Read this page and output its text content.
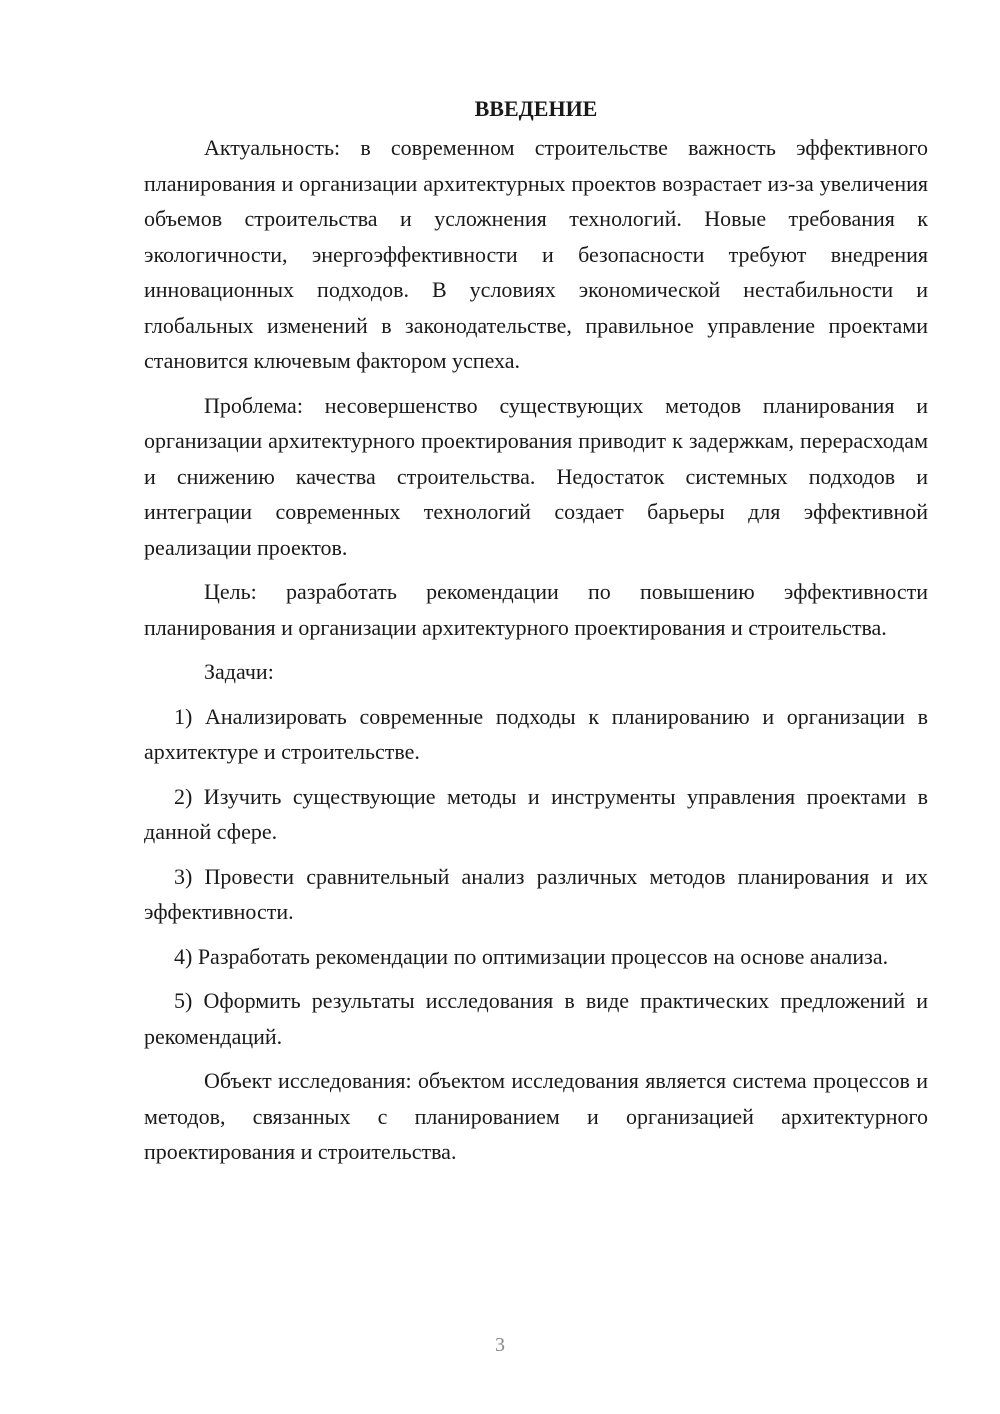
ВВЕДЕНИЕ

Актуальность: в современном строительстве важность эффективного планирования и организации архитектурных проектов возрастает из-за увеличения объемов строительства и усложнения технологий. Новые требования к экологичности, энергоэффективности и безопасности требуют внедрения инновационных подходов. В условиях экономической нестабильности и глобальных изменений в законодательстве, правильное управление проектами становится ключевым фактором успеха.

Проблема: несовершенство существующих методов планирования и организации архитектурного проектирования приводит к задержкам, перерасходам и снижению качества строительства. Недостаток системных подходов и интеграции современных технологий создает барьеры для эффективной реализации проектов.

Цель: разработать рекомендации по повышению эффективности планирования и организации архитектурного проектирования и строительства.

Задачи:

1) Анализировать современные подходы к планированию и организации в архитектуре и строительстве.

2) Изучить существующие методы и инструменты управления проектами в данной сфере.

3) Провести сравнительный анализ различных методов планирования и их эффективности.

4) Разработать рекомендации по оптимизации процессов на основе анализа.

5) Оформить результаты исследования в виде практических предложений и рекомендаций.

Объект исследования: объектом исследования является система процессов и методов, связанных с планированием и организацией архитектурного проектирования и строительства.

3
